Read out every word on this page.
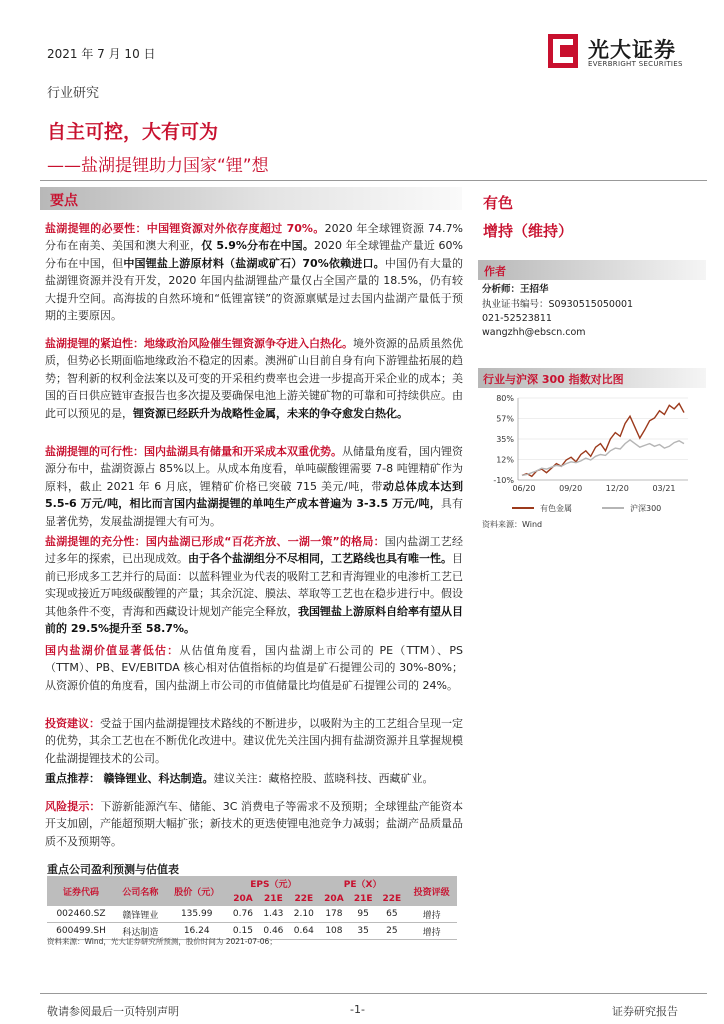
2021 年 7 月 10 日	光大证券
EVERBRIGHT SECURITIES
行业研究
自主可控，大有可为
——盐湖提锂助力国家“锂”想
要点

盐湖提锂的必要性：中国锂资源对外依存度超过 70%。2020 年全球锂资源 74.7% 分布在南美、美国和澳大利亚，仅 5.9%分布在中国。2020 年全球锂盐产量近 60%分布在中国，但中国锂盐上游原材料（盐湖或矿石）70%依赖进口。中国仍有大量的盐湖锂资源并没有开发，2020 年国内盐湖锂盐产量仅占全国产量的 18.5%，仍有较大提升空间。高海拔的自然环境和“低锂富镁”的资源禀赋是过去国内盐湖产量低于预期的主要原因。

盐湖提锂的紧迫性：地缘政治风险催生锂资源争夺进入白热化。境外资源的品质虽然优质，但势必长期面临地缘政治不稳定的因素。澳洲矿山目前自身有向下游锂盐拓展的趋势；智利新的权利金法案以及可变的开采租约费率也会进一步提高开采企业的成本；美国的百日供应链审查报告也多次提及要确保电池上游关键矿物的可靠和可持续供应。由此可以预见的是，锂资源已经跃升为战略性金属，未来的争夺愈发白热化。

盐湖提锂的可行性：国内盐湖具有储量和开采成本双重优势。从储量角度看，国内锂资源分布中，盐湖资源占 85%以上。从成本角度看，单吨碳酸锂需要 7-8 吨锂精矿作为原料，截止 2021 年 6 月底，锂精矿价格已突破 715 美元/吨，带动总体成本达到 5.5-6 万元/吨，相比而言国内盐湖提锂的单吨生产成本普遍为 3-3.5 万元/吨，具有显著优势，发展盐湖提锂大有可为。

盐湖提锂的充分性：国内盐湖已形成“百花齐放、一湖一策”的格局：国内盐湖工艺经过多年的探索，已出现成效。由于各个盐湖组分不尽相同，工艺路线也具有唯一性。目前已形成多工艺并行的局面：以蓝科锂业为代表的吸附工艺和青海锂业的电渗析工艺已实现或接近万吨级碳酸锂的产量；其余沉淀、膜法、萃取等工艺也在稳步进行中。假设其他条件不变，青海和西藏设计规划产能完全释放，我国锂盐上游原料自给率有望从目前的 29.5%提升至 58.7%。

国内盐湖价值显著低估：从估值角度看，国内盐湖上市公司的 PE（TTM）、PS（TTM）、PB、EV/EBITDA 核心相对估值指标的均值是矿石提锂公司的 30%-80%；从资源价值的角度看，国内盐湖上市公司的市值储量比均值是矿石提锂公司的 24%。

投资建议：受益于国内盐湖提锂技术路线的不断进步，以吸附为主的工艺组合呈现一定的优势，其余工艺也在不断优化改进中。建议优先关注国内拥有盐湖资源并且掌握规模化盐湖提锂技术的公司。

重点推荐： 赣锋锂业、科达制造。建议关注：藏格控股、蓝晓科技、西藏矿业。

风险提示：下游新能源汽车、储能、3C 消费电子等需求不及预期；全球锂盐产能资本开支加剧，产能超预期大幅扩张；新技术的更迭使锂电池竞争力减弱；盐湖产品质量品质不及预期等。

有色
增持（维持）
作者
分析师：王招华
执业证书编号：S0930515050001
021-52523811
wangzhh@ebscn.com
行业与沪深 300 指数对比图
80%
57%
35%
12%
-10%
06/20	09/20	12/20	03/21
有色金属	沪深300
资料来源：Wind
重点公司盈利预测与估值表
证券代码	公司名称	股价（元）	EPS（元）			PE（X）			投资评级
			20A	21E	22E	20A	21E	22E	
002460.SZ	赣锋锂业	135.99	0.76	1.43	2.10	178	95	65	增持
600499.SH	科达制造	16.24	0.15	0.46	0.64	108	35	25	增持
资料来源：Wind，光大证券研究所预测，股价时间为 2021-07-06；
敬请参阅最后一页特别声明	-1-	证券研究报告
